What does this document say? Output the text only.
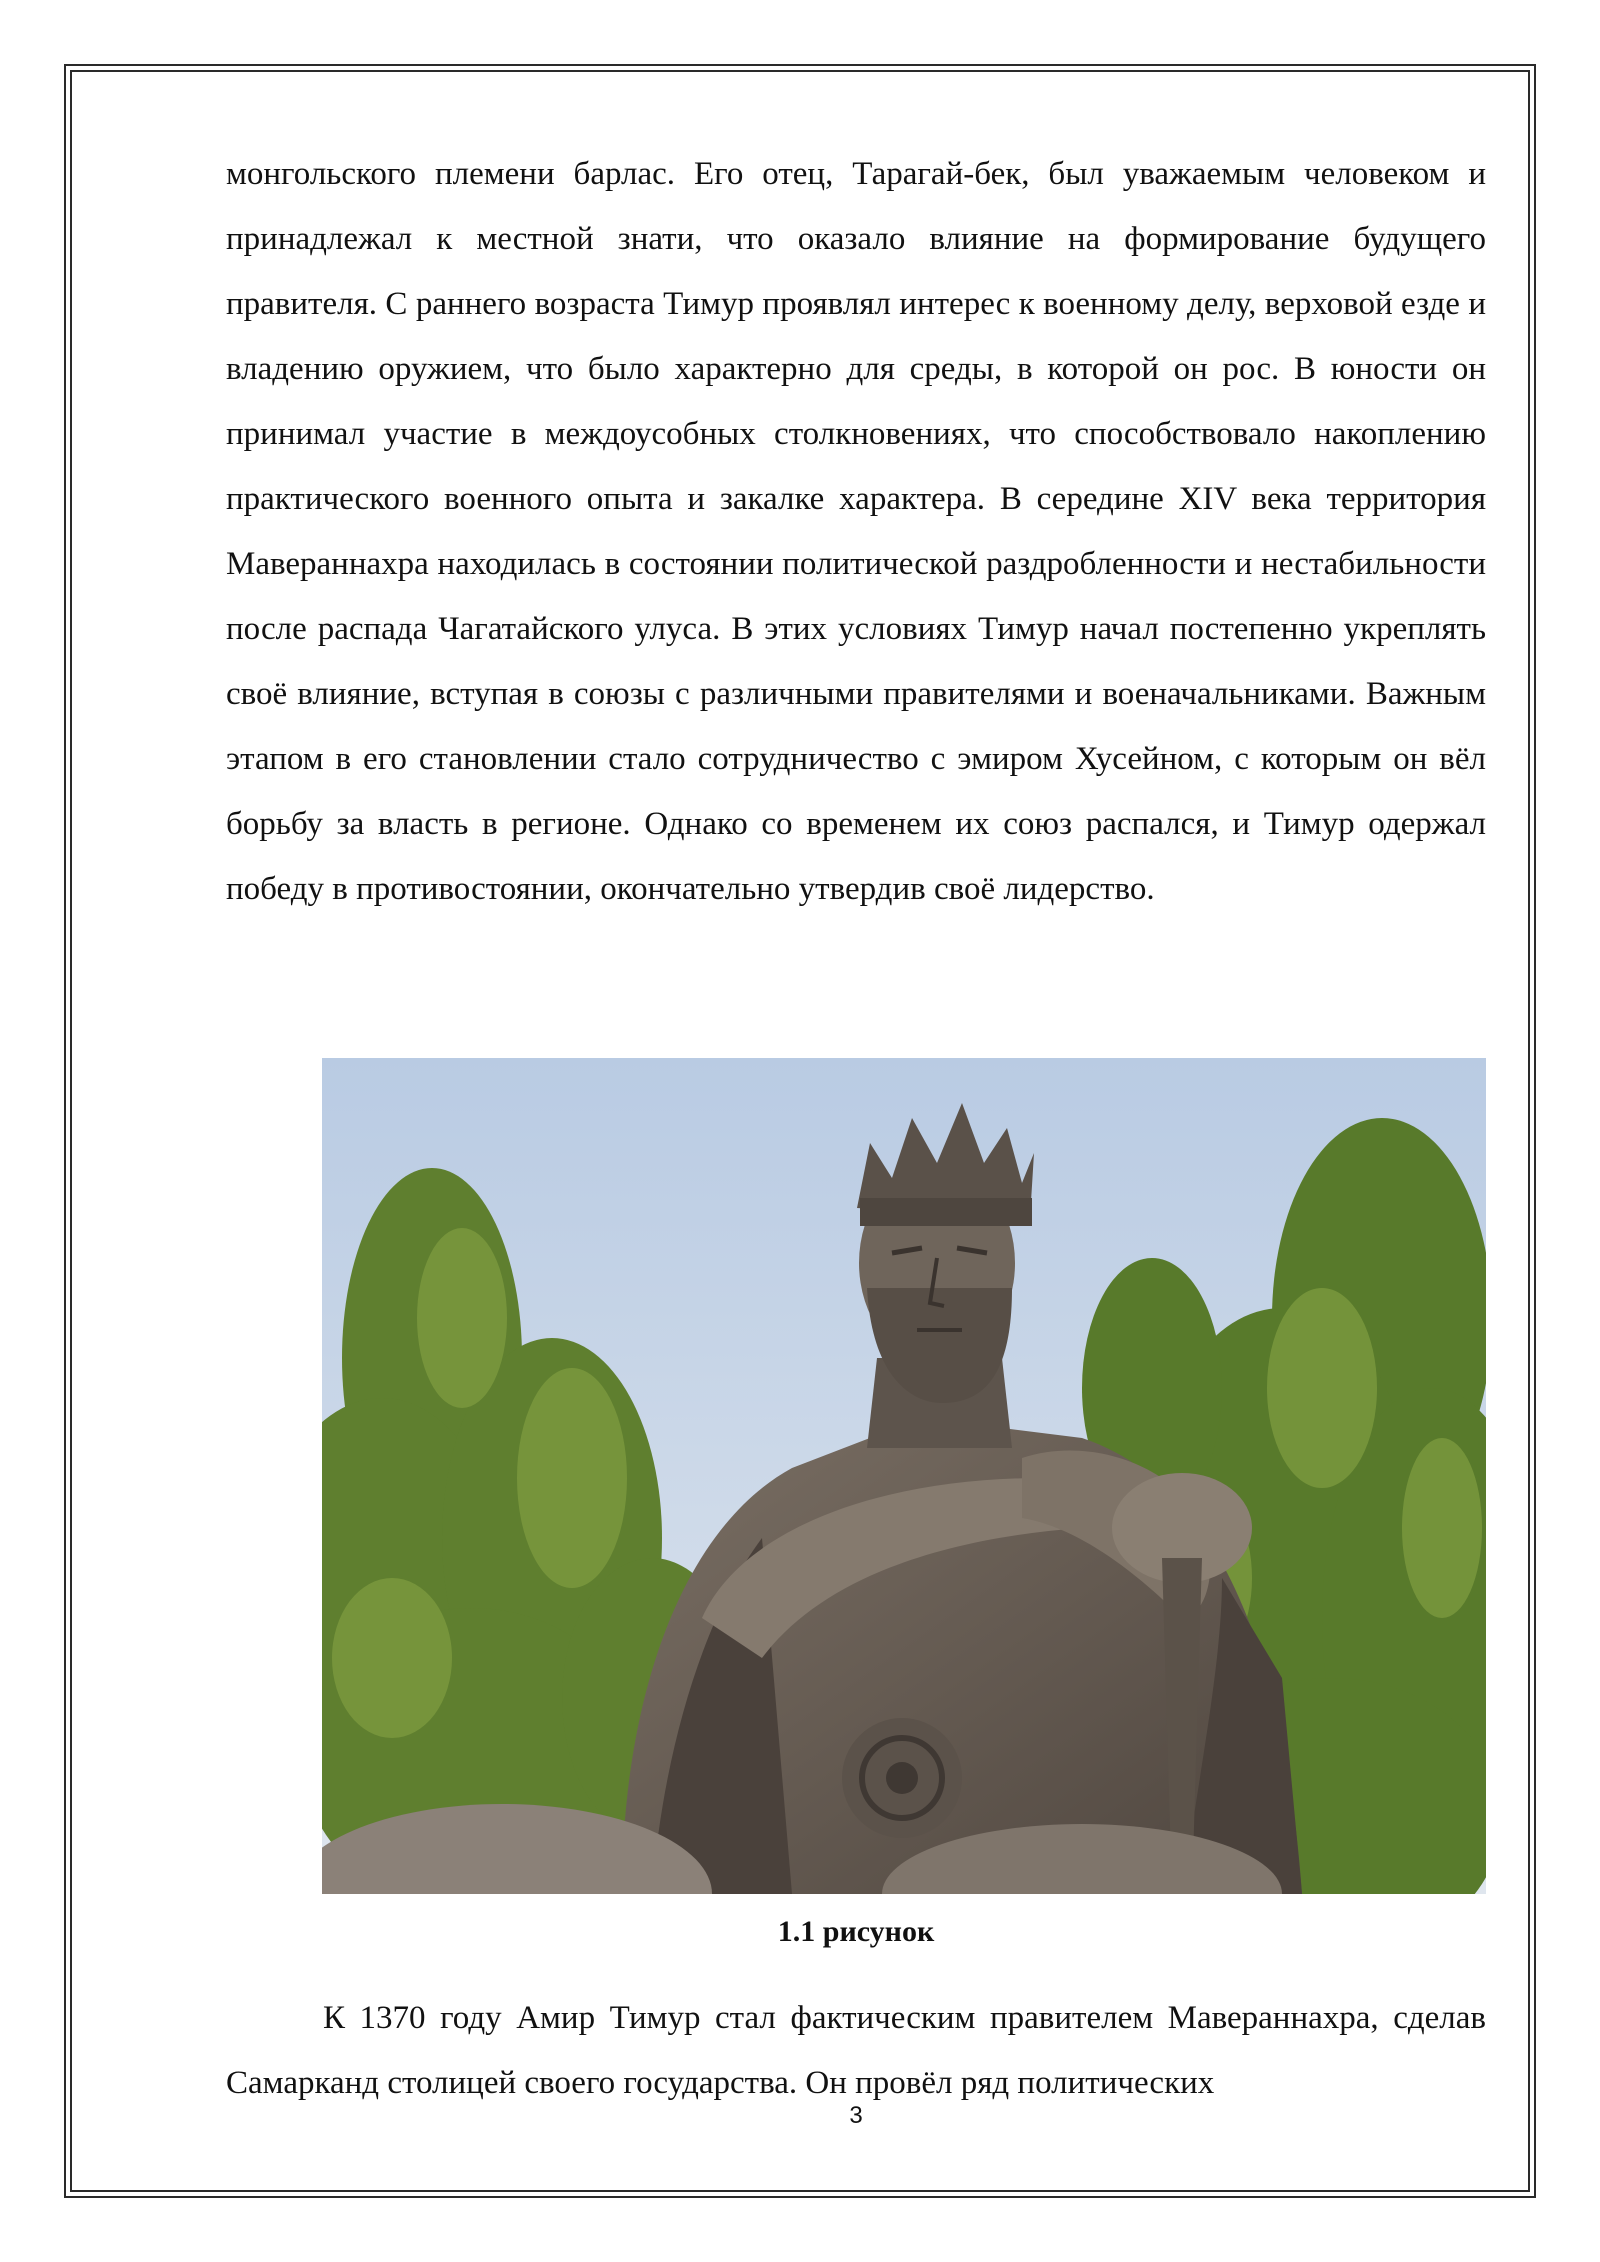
монгольского племени барлас. Его отец, Тарагай-бек, был уважаемым человеком и принадлежал к местной знати, что оказало влияние на формирование будущего правителя. С раннего возраста Тимур проявлял интерес к военному делу, верховой езде и владению оружием, что было характерно для среды, в которой он рос. В юности он принимал участие в междоусобных столкновениях, что способствовало накоплению практического военного опыта и закалке характера. В середине XIV века территория Мавераннахра находилась в состоянии политической раздробленности и нестабильности после распада Чагатайского улуса. В этих условиях Тимур начал постепенно укреплять своё влияние, вступая в союзы с различными правителями и военачальниками. Важным этапом в его становлении стало сотрудничество с эмиром Хусейном, с которым он вёл борьбу за власть в регионе. Однако со временем их союз распался, и Тимур одержал победу в противостоянии, окончательно утвердив своё лидерство.

1.1 рисунок

К 1370 году Амир Тимур стал фактическим правителем Мавераннахра, сделав Самарканд столицей своего государства. Он провёл ряд политических

3
